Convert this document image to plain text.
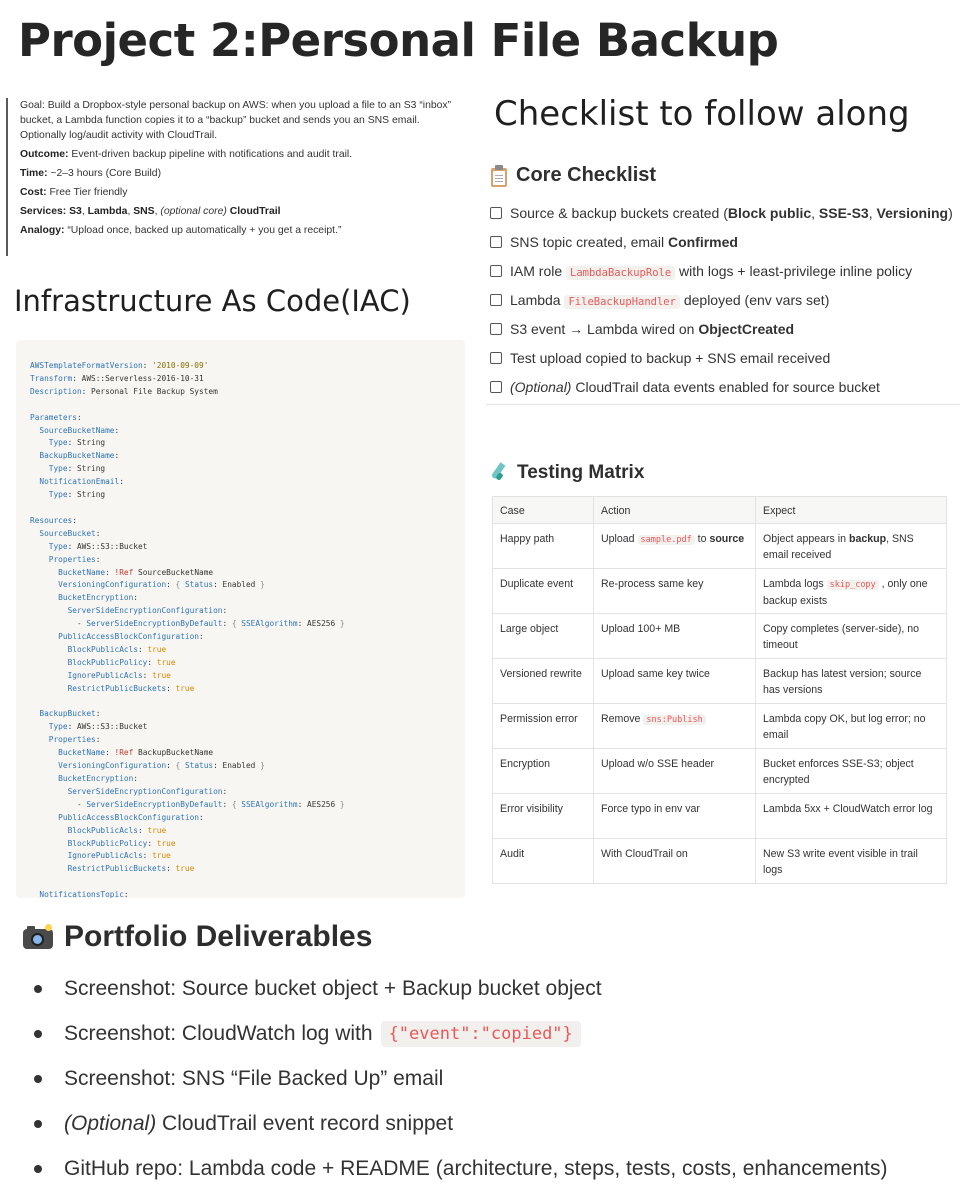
Project 2:Personal File Backup

Goal: Build a Dropbox-style personal backup on AWS: when you upload a file to an S3 “inbox” bucket, a Lambda function copies it to a “backup” bucket and sends you an SNS email. Optionally log/audit activity with CloudTrail.

Outcome: Event-driven backup pipeline with notifications and audit trail.

Time: ~2–3 hours (Core Build)

Cost: Free Tier friendly

Services: S3, Lambda, SNS, (optional core) CloudTrail

Analogy: “Upload once, backed up automatically + you get a receipt.”

Infrastructure As Code(IAC)
Checklist to follow along
AWSTemplateFormatVersion: '2010-09-09'
Transform: AWS::Serverless-2016-10-31
Description: Personal File Backup System

Parameters:
SourceBucketName:
Type: String
BackupBucketName:
Type: String
NotificationEmail:
Type: String

Resources:
SourceBucket:
Type: AWS::S3::Bucket
Properties:
BucketName: !Ref SourceBucketName
VersioningConfiguration: { Status: Enabled }
BucketEncryption:
ServerSideEncryptionConfiguration:
- ServerSideEncryptionByDefault: { SSEAlgorithm: AES256 }
PublicAccessBlockConfiguration:
BlockPublicAcls: true
BlockPublicPolicy: true
IgnorePublicAcls: true
RestrictPublicBuckets: true

BackupBucket:
Type: AWS::S3::Bucket
Properties:
BucketName: !Ref BackupBucketName
VersioningConfiguration: { Status: Enabled }
BucketEncryption:
ServerSideEncryptionConfiguration:
- ServerSideEncryptionByDefault: { SSEAlgorithm: AES256 }
PublicAccessBlockConfiguration:
BlockPublicAcls: true
BlockPublicPolicy: true
IgnorePublicAcls: true
RestrictPublicBuckets: true

NotificationsTopic:
Core Checklist
Source & backup buckets created (Block public, SSE-S3, Versioning)
SNS topic created, email Confirmed
IAM role LambdaBackupRole with logs + least-privilege inline policy
Lambda FileBackupHandler deployed (env vars set)
S3 event → Lambda wired on ObjectCreated
Test upload copied to backup + SNS email received
(Optional) CloudTrail data events enabled for source bucket
Testing Matrix
Case	Action	Expect
Happy path	Upload sample.pdf to source	Object appears in backup, SNS email received
Duplicate event	Re-process same key	Lambda logs skip_copy , only one backup exists
Large object	Upload 100+ MB	Copy completes (server-side), no timeout
Versioned rewrite	Upload same key twice	Backup has latest version; source has versions
Permission error	Remove sns:Publish	Lambda copy OK, but log error; no email
Encryption	Upload w/o SSE header	Bucket enforces SSE-S3; object encrypted
Error visibility	Force typo in env var	Lambda 5xx + CloudWatch error log
Audit	With CloudTrail on	New S3 write event visible in trail logs
Portfolio Deliverables
Screenshot: Source bucket object + Backup bucket object
Screenshot: CloudWatch log with {"event":"copied"}
Screenshot: SNS “File Backed Up” email
(Optional) CloudTrail event record snippet
GitHub repo: Lambda code + README (architecture, steps, tests, costs, enhancements)
